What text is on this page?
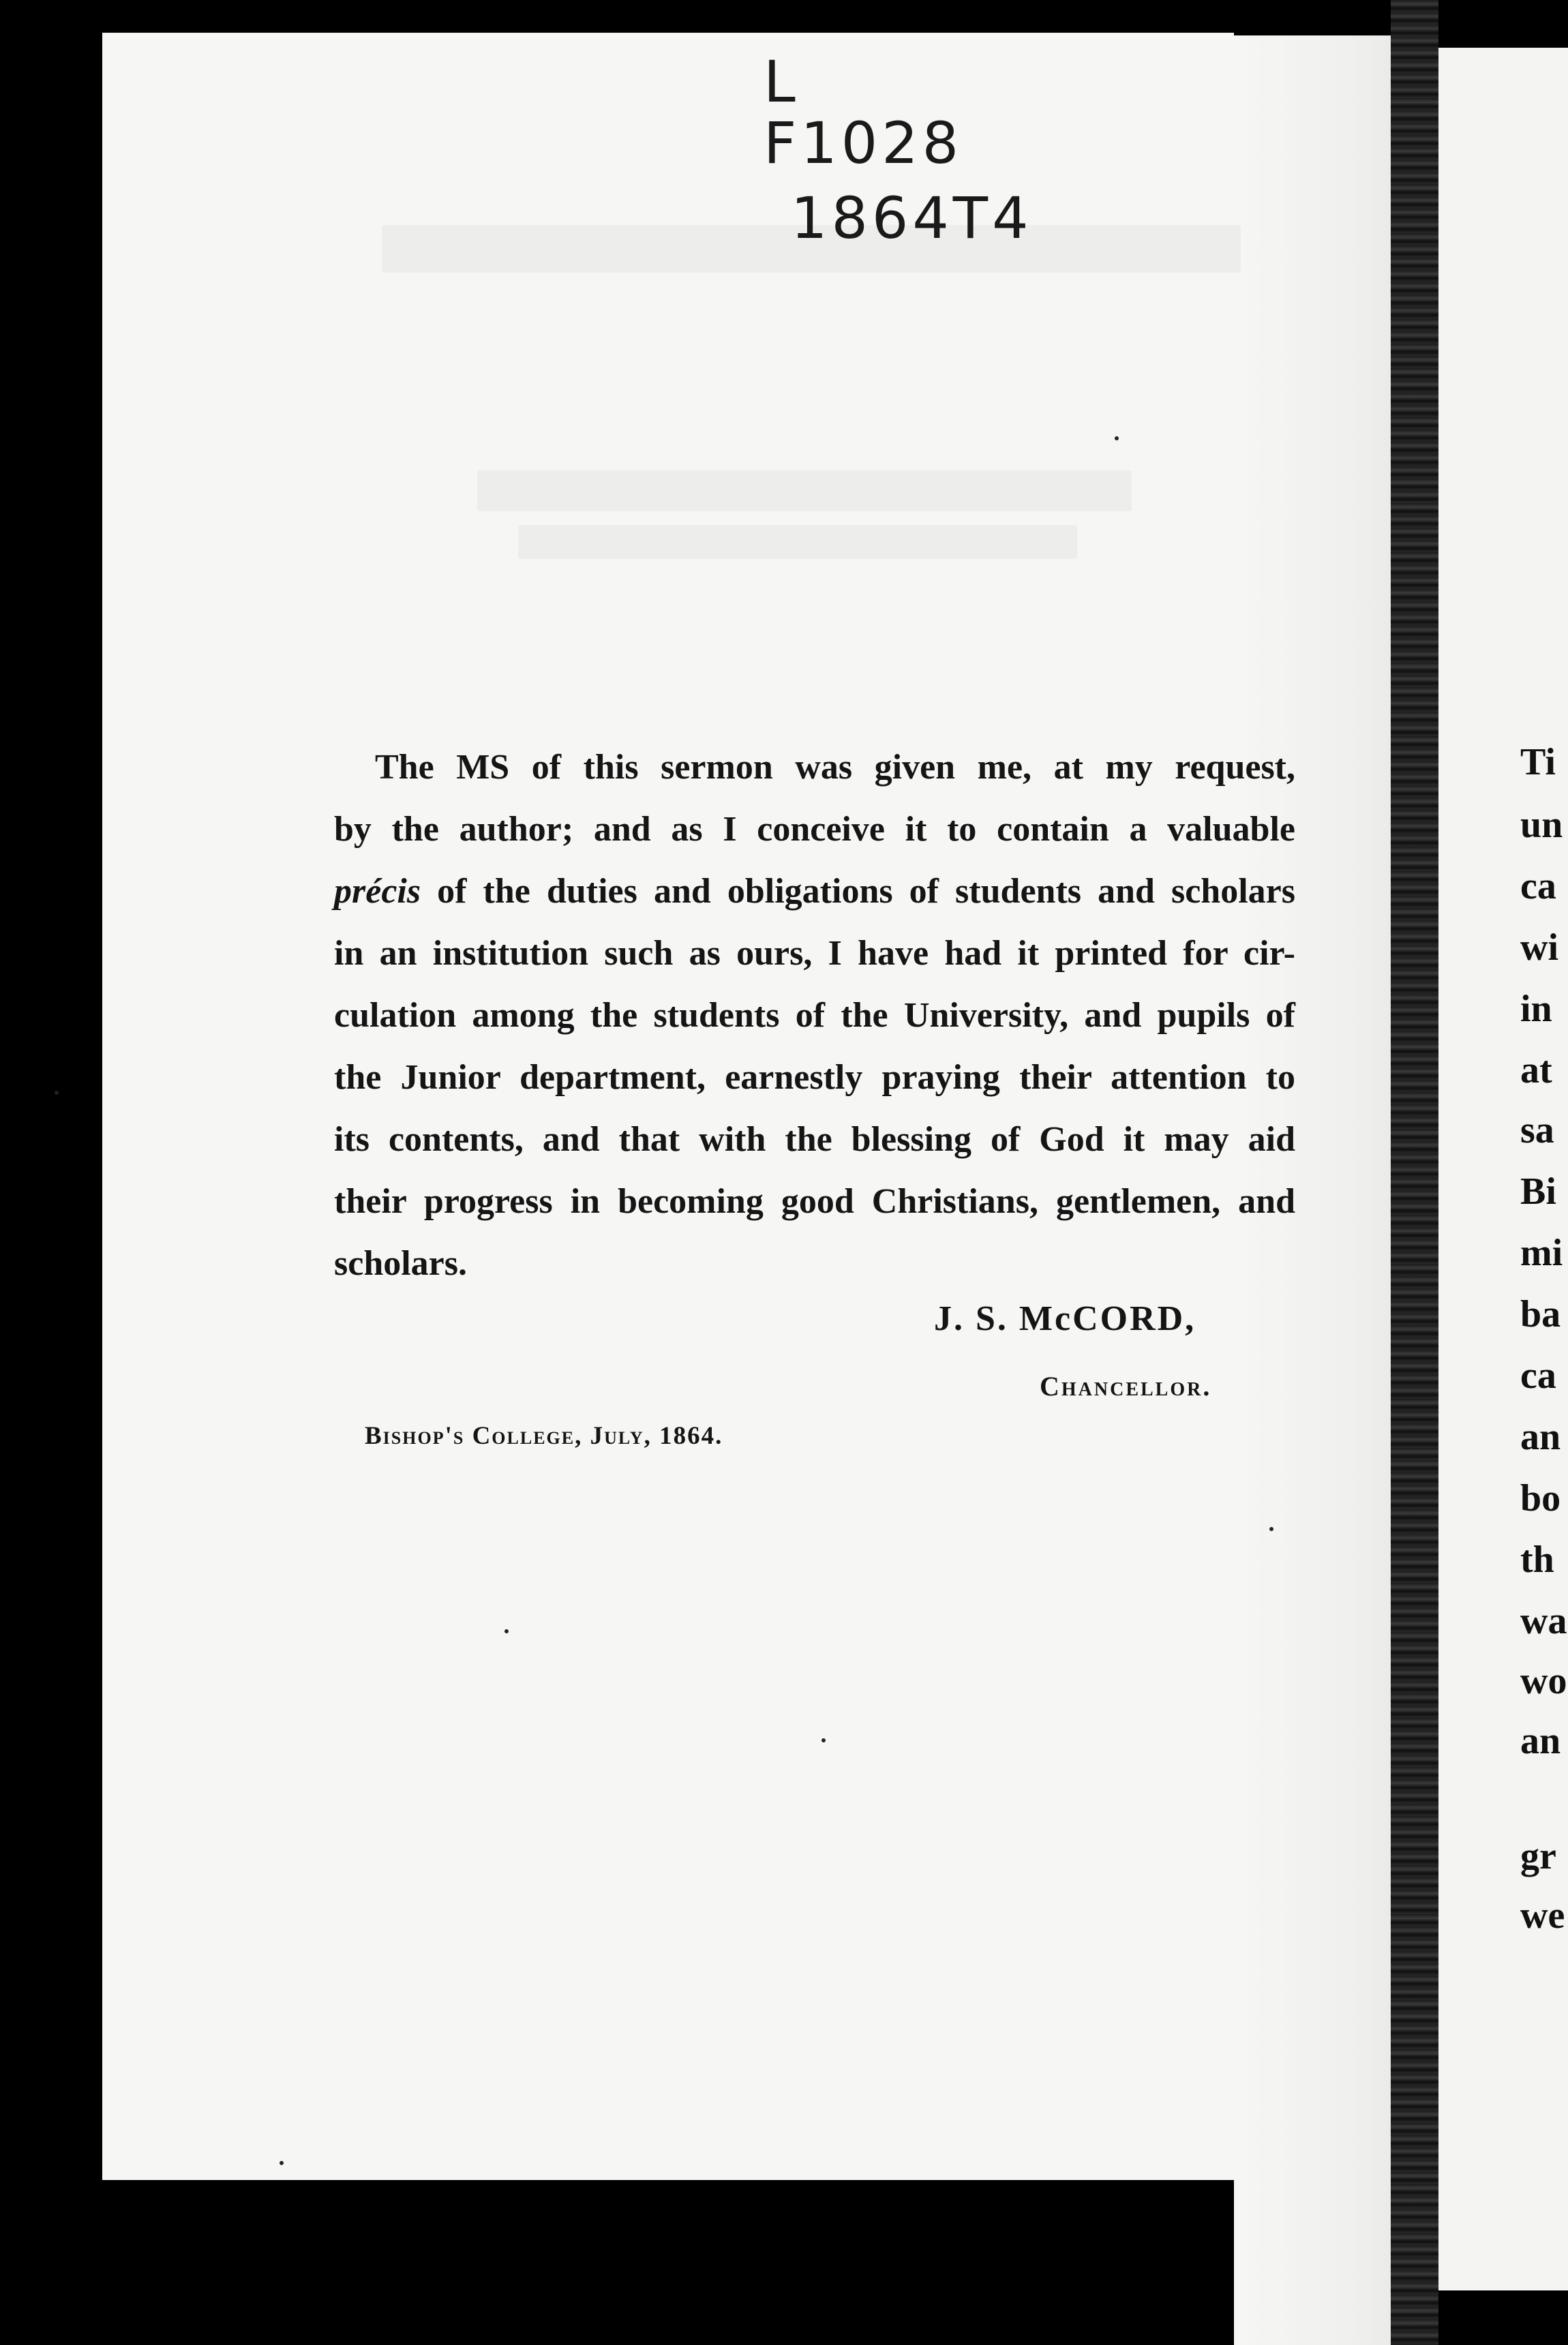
Ti
un
ca
wi
in
at
sa
Bi
mi
ba
ca
an
bo
th
wa
wo
an
gr
we
L
F1028
1864T4
The MS of this sermon was given me, at my request,
by the author; and as I conceive it to contain a valuable
précis of the duties and obligations of students and scholars
in an institution such as ours, I have had it printed for cir-
culation among the students of the University, and pupils of
the Junior department, earnestly praying their attention to
its contents, and that with the blessing of God it may aid
their progress in becoming good Christians, gentlemen, and
scholars.
J. S. McCORD,
Chancellor.
Bishop's College, July, 1864.
